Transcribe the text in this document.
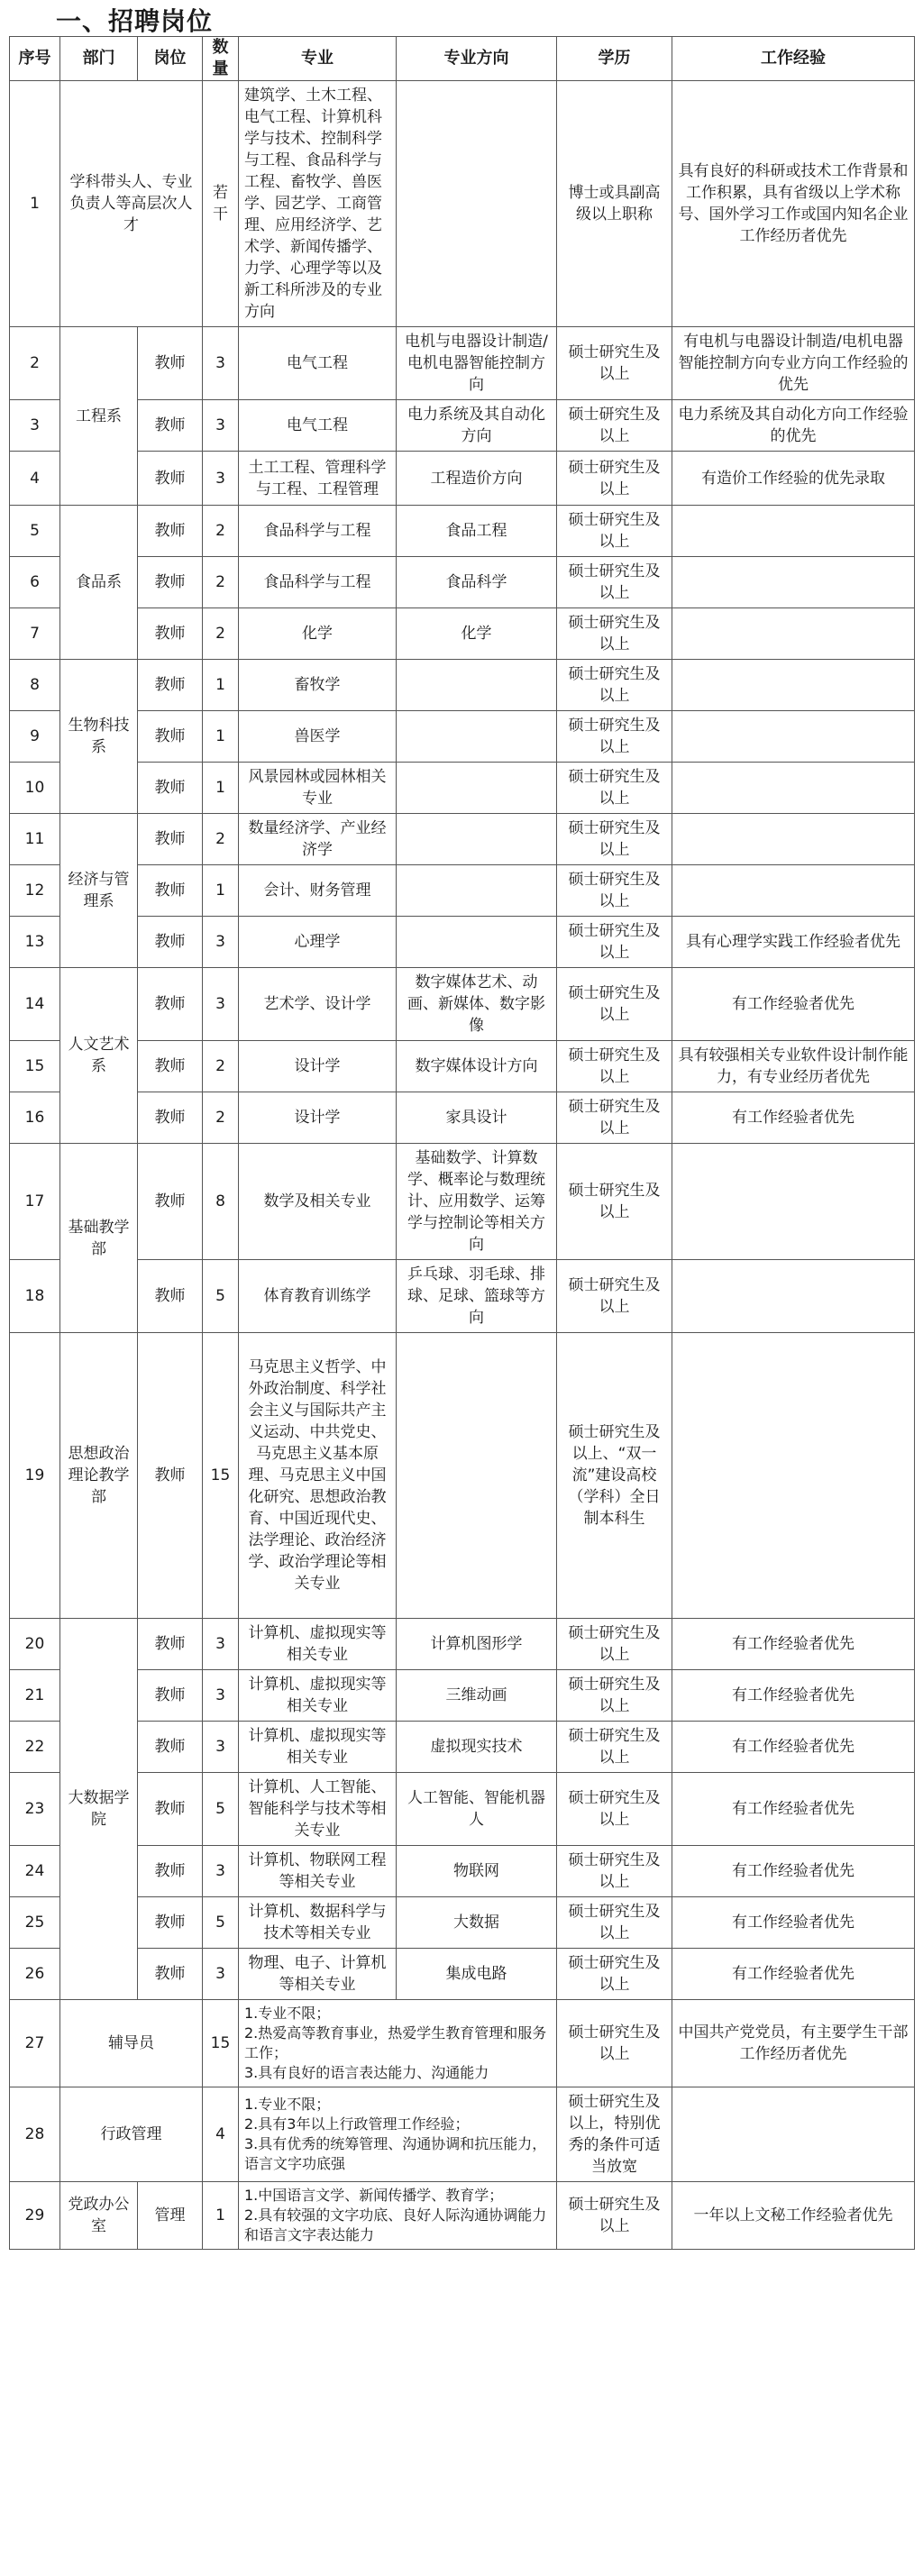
一、招聘岗位
序号	部门	岗位	数量	专业	专业方向	学历	工作经验
1	学科带头人、专业负责人等高层次人才		若干	建筑学、土木工程、电气工程、计算机科学与技术、控制科学与工程、食品科学与工程、畜牧学、兽医学、园艺学、工商管理、应用经济学、艺术学、新闻传播学、力学、心理学等以及新工科所涉及的专业方向		博士或具副高级以上职称	具有良好的科研或技术工作背景和工作积累，具有省级以上学术称号、国外学习工作或国内知名企业工作经历者优先
2	工程系	教师	3	电气工程	电机与电器设计制造/电机电器智能控制方向	硕士研究生及以上	有电机与电器设计制造/电机电器智能控制方向专业方向工作经验的优先
3		教师	3	电气工程	电力系统及其自动化方向	硕士研究生及以上	电力系统及其自动化方向工作经验的优先
4		教师	3	土工工程、管理科学与工程、工程管理	工程造价方向	硕士研究生及以上	有造价工作经验的优先录取
5	食品系	教师	2	食品科学与工程	食品工程	硕士研究生及以上	
6		教师	2	食品科学与工程	食品科学	硕士研究生及以上	
7		教师	2	化学	化学	硕士研究生及以上	
8	生物科技系	教师	1	畜牧学		硕士研究生及以上	
9		教师	1	兽医学		硕士研究生及以上	
10		教师	1	风景园林或园林相关专业		硕士研究生及以上	
11	经济与管理系	教师	2	数量经济学、产业经济学		硕士研究生及以上	
12		教师	1	会计、财务管理		硕士研究生及以上	
13		教师	3	心理学		硕士研究生及以上	具有心理学实践工作经验者优先
14	人文艺术系	教师	3	艺术学、设计学	数字媒体艺术、动画、新媒体、数字影像	硕士研究生及以上	有工作经验者优先
15		教师	2	设计学	数字媒体设计方向	硕士研究生及以上	具有较强相关专业软件设计制作能力，有专业经历者优先
16		教师	2	设计学	家具设计	硕士研究生及以上	有工作经验者优先
17	基础教学部	教师	8	数学及相关专业	基础数学、计算数学、概率论与数理统计、应用数学、运筹学与控制论等相关方向	硕士研究生及以上	
18		教师	5	体育教育训练学	乒乓球、羽毛球、排球、足球、篮球等方向	硕士研究生及以上	
19	思想政治理论教学部	教师	15	马克思主义哲学、中外政治制度、科学社会主义与国际共产主义运动、中共党史、马克思主义基本原理、马克思主义中国化研究、思想政治教育、中国近现代史、法学理论、政治经济学、政治学理论等相关专业		硕士研究生及以上、“双一流”建设高校（学科）全日制本科生	
20	大数据学院	教师	3	计算机、虚拟现实等相关专业	计算机图形学	硕士研究生及以上	有工作经验者优先
21		教师	3	计算机、虚拟现实等相关专业	三维动画	硕士研究生及以上	有工作经验者优先
22		教师	3	计算机、虚拟现实等相关专业	虚拟现实技术	硕士研究生及以上	有工作经验者优先
23		教师	5	计算机、人工智能、智能科学与技术等相关专业	人工智能、智能机器人	硕士研究生及以上	有工作经验者优先
24		教师	3	计算机、物联网工程等相关专业	物联网	硕士研究生及以上	有工作经验者优先
25		教师	5	计算机、数据科学与技术等相关专业	大数据	硕士研究生及以上	有工作经验者优先
26		教师	3	物理、电子、计算机等相关专业	集成电路	硕士研究生及以上	有工作经验者优先
27	辅导员		15	1.专业不限；
2.热爱高等教育事业，热爱学生教育管理和服务工作；
3.具有良好的语言表达能力、沟通能力		硕士研究生及以上	中国共产党党员，有主要学生干部工作经历者优先
28	行政管理		4	1.专业不限；
2.具有3年以上行政管理工作经验；
3.具有优秀的统筹管理、沟通协调和抗压能力，语言文字功底强		硕士研究生及以上，特别优秀的条件可适当放宽	
29	党政办公室	管理	1	1.中国语言文学、新闻传播学、教育学；
2.具有较强的文字功底、良好人际沟通协调能力和语言文字表达能力		硕士研究生及以上	一年以上文秘工作经验者优先
